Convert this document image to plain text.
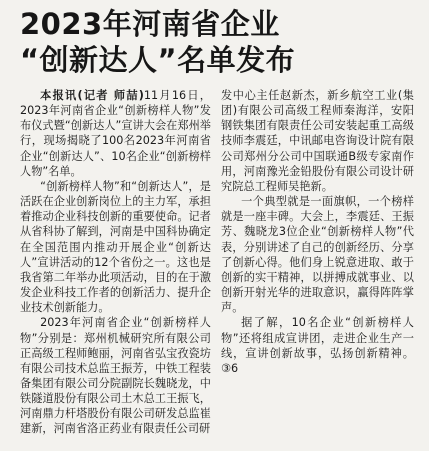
2023年河南省企业
“创新达人”名单发布

本报讯(记者 师喆)11月16日，2023年河南省企业“创新榜样人物”发布仪式暨“创新达人”宣讲大会在郑州举行，现场揭晓了100名2023年河南省企业“创新达人”、10名企业“创新榜样人物”名单。

“创新榜样人物”和“创新达人”，是活跃在企业创新岗位上的主力军，承担着推动企业科技创新的重要使命。记者从省科协了解到，河南是中国科协确定在全国范围内推动开展企业“创新达人”宣讲活动的12个省份之一。这也是我省第二年举办此项活动，目的在于激发企业科技工作者的创新活力、提升企业技术创新能力。

2023年河南省企业“创新榜样人物”分别是：郑州机械研究所有限公司正高级工程师鲍丽，河南省弘宝孜瓷坊有限公司技术总监王振芳，中铁工程装备集团有限公司分院副院长魏晓龙，中铁隧道股份有限公司土木总工王振飞，河南鼎力杆塔股份有限公司研发总监崔建新，河南省洛正药业有限责任公司研

发中心主任赵新杰，新乡航空工业(集团)有限公司高级工程师秦海洋，安阳钢铁集团有限责任公司安装起重工高级技师李震廷，中讯邮电咨询设计院有限公司郑州分公司中国联通B级专家南作用，河南豫光金铅股份有限公司设计研究院总工程师吴艳新。

一个典型就是一面旗帜，一个榜样就是一座丰碑。大会上，李震廷、王振芳、魏晓龙3位企业“创新榜样人物”代表，分别讲述了自己的创新经历、分享了创新心得。他们身上锐意进取、敢于创新的实干精神，以拼搏成就事业、以创新开射光华的进取意识，赢得阵阵掌声。

据了解，10名企业“创新榜样人物”还将组成宣讲团，走进企业生产一线，宣讲创新故事，弘扬创新精神。③6
